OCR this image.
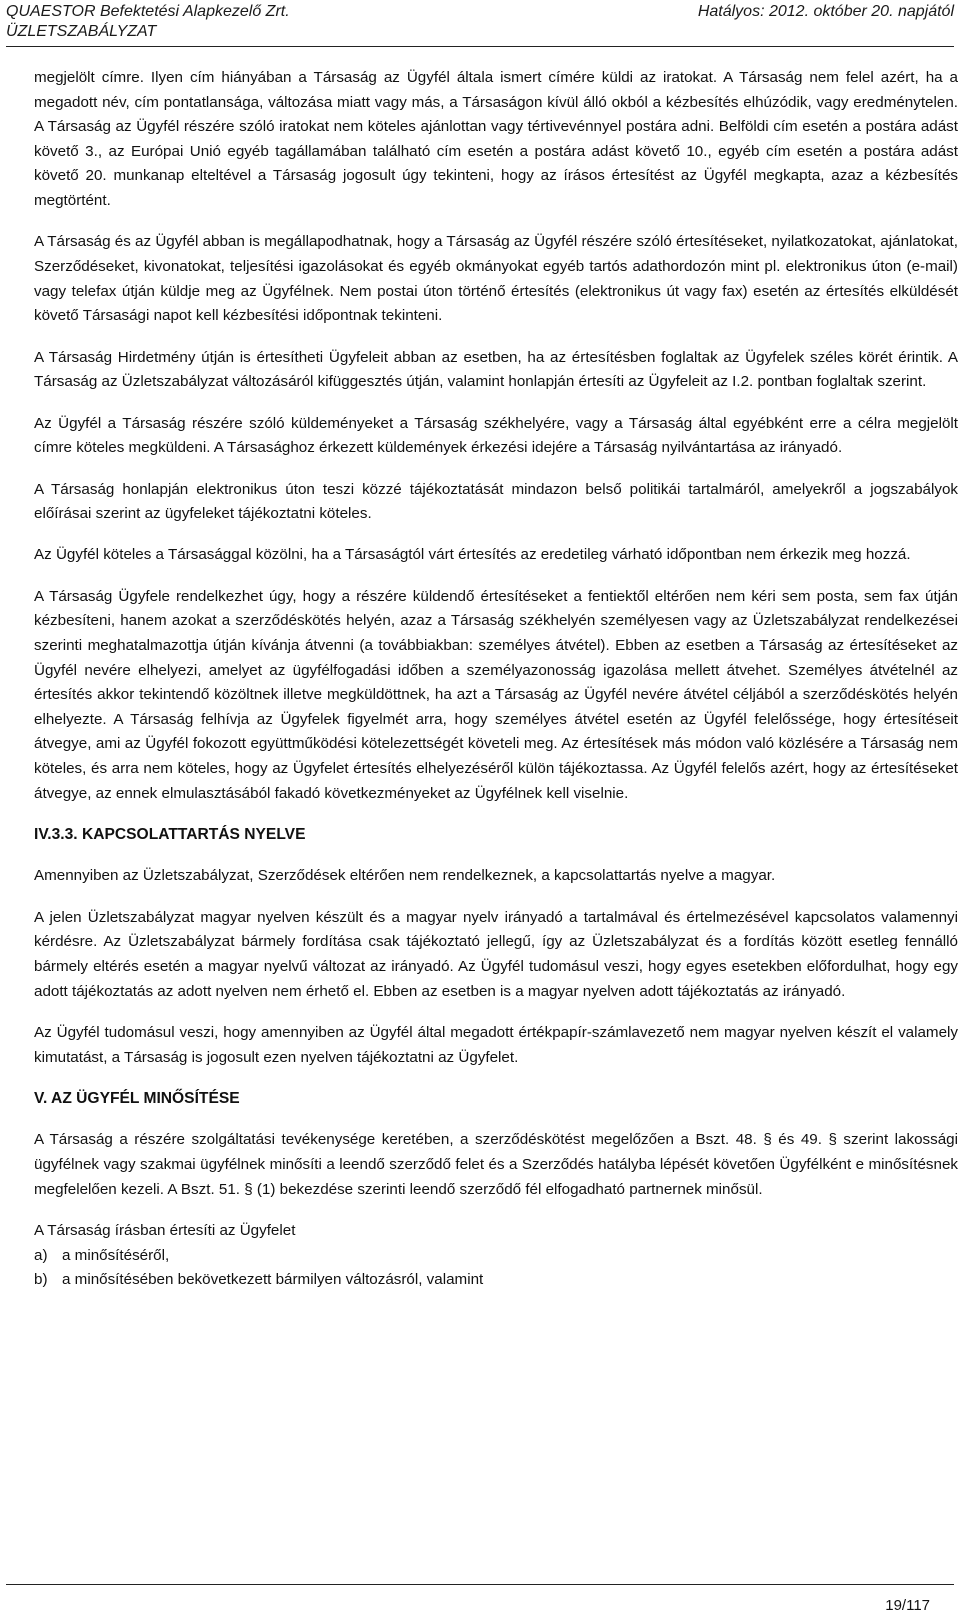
QUAESTOR Befektetési Alapkezelő Zrt.
ÜZLETSZABÁLYZAT
Hatályos: 2012. október 20. napjától

megjelölt címre. Ilyen cím hiányában a Társaság az Ügyfél általa ismert címére küldi az iratokat. A Társaság nem felel azért, ha a megadott név, cím pontatlansága, változása miatt vagy más, a Társaságon kívül álló okból a kézbesítés elhúzódik, vagy eredménytelen. A Társaság az Ügyfél részére szóló iratokat nem köteles ajánlottan vagy tértivevénnyel postára adni. Belföldi cím esetén a postára adást követő 3., az Európai Unió egyéb tagállamában található cím esetén a postára adást követő 10., egyéb cím esetén a postára adást követő 20. munkanap elteltével a Társaság jogosult úgy tekinteni, hogy az írásos értesítést az Ügyfél megkapta, azaz a kézbesítés megtörtént.

A Társaság és az Ügyfél abban is megállapodhatnak, hogy a Társaság az Ügyfél részére szóló értesítéseket, nyilatkozatokat, ajánlatokat, Szerződéseket, kivonatokat, teljesítési igazolásokat és egyéb okmányokat egyéb tartós adathordozón mint pl. elektronikus úton (e-mail) vagy telefax útján küldje meg az Ügyfélnek. Nem postai úton történő értesítés (elektronikus út vagy fax) esetén az értesítés elküldését követő Társasági napot kell kézbesítési időpontnak tekinteni.

A Társaság Hirdetmény útján is értesítheti Ügyfeleit abban az esetben, ha az értesítésben foglaltak az Ügyfelek széles körét érintik. A Társaság az Üzletszabályzat változásáról kifüggesztés útján, valamint honlapján értesíti az Ügyfeleit az I.2. pontban foglaltak szerint.

Az Ügyfél a Társaság részére szóló küldeményeket a Társaság székhelyére, vagy a Társaság által egyébként erre a célra megjelölt címre köteles megküldeni. A Társasághoz érkezett küldemények érkezési idejére a Társaság nyilvántartása az irányadó.

A Társaság honlapján elektronikus úton teszi közzé tájékoztatását mindazon belső politikái tartalmáról, amelyekről a jogszabályok előírásai szerint az ügyfeleket tájékoztatni köteles.

Az Ügyfél köteles a Társasággal közölni, ha a Társaságtól várt értesítés az eredetileg várható időpontban nem érkezik meg hozzá.

A Társaság Ügyfele rendelkezhet úgy, hogy a részére küldendő értesítéseket a fentiektől eltérően nem kéri sem posta, sem fax útján kézbesíteni, hanem azokat a szerződéskötés helyén, azaz a Társaság székhelyén személyesen vagy az Üzletszabályzat rendelkezései szerinti meghatalmazottja útján kívánja átvenni (a továbbiakban: személyes átvétel). Ebben az esetben a Társaság az értesítéseket az Ügyfél nevére elhelyezi, amelyet az ügyfélfogadási időben a személyazonosság igazolása mellett átvehet. Személyes átvételnél az értesítés akkor tekintendő közöltnek illetve megküldöttnek, ha azt a Társaság az Ügyfél nevére átvétel céljából a szerződéskötés helyén elhelyezte. A Társaság felhívja az Ügyfelek figyelmét arra, hogy személyes átvétel esetén az Ügyfél felelőssége, hogy értesítéseit átvegye, ami az Ügyfél fokozott együttműködési kötelezettségét követeli meg. Az értesítések más módon való közlésére a Társaság nem köteles, és arra nem köteles, hogy az Ügyfelet értesítés elhelyezéséről külön tájékoztassa. Az Ügyfél felelős azért, hogy az értesítéseket átvegye, az ennek elmulasztásából fakadó következményeket az Ügyfélnek kell viselnie.

IV.3.3. KAPCSOLATTARTÁS NYELVE

Amennyiben az Üzletszabályzat, Szerződések eltérően nem rendelkeznek, a kapcsolattartás nyelve a magyar.

A jelen Üzletszabályzat magyar nyelven készült és a magyar nyelv irányadó a tartalmával és értelmezésével kapcsolatos valamennyi kérdésre. Az Üzletszabályzat bármely fordítása csak tájékoztató jellegű, így az Üzletszabályzat és a fordítás között esetleg fennálló bármely eltérés esetén a magyar nyelvű változat az irányadó. Az Ügyfél tudomásul veszi, hogy egyes esetekben előfordulhat, hogy egy adott tájékoztatás az adott nyelven nem érhető el. Ebben az esetben is a magyar nyelven adott tájékoztatás az irányadó.

Az Ügyfél tudomásul veszi, hogy amennyiben az Ügyfél által megadott értékpapír-számlavezető nem magyar nyelven készít el valamely kimutatást, a Társaság is jogosult ezen nyelven tájékoztatni az Ügyfelet.

V. AZ ÜGYFÉL MINŐSÍTÉSE

A Társaság a részére szolgáltatási tevékenysége keretében, a szerződéskötést megelőzően a Bszt. 48. § és 49. § szerint lakossági ügyfélnek vagy szakmai ügyfélnek minősíti a leendő szerződő felet és a Szerződés hatályba lépését követően Ügyfélként e minősítésnek megfelelően kezeli. A Bszt. 51. § (1) bekezdése szerinti leendő szerződő fél elfogadható partnernek minősül.

A Társaság írásban értesíti az Ügyfelet

a) a minősítéséről,
b) a minősítésében bekövetkezett bármilyen változásról, valamint
19/117
